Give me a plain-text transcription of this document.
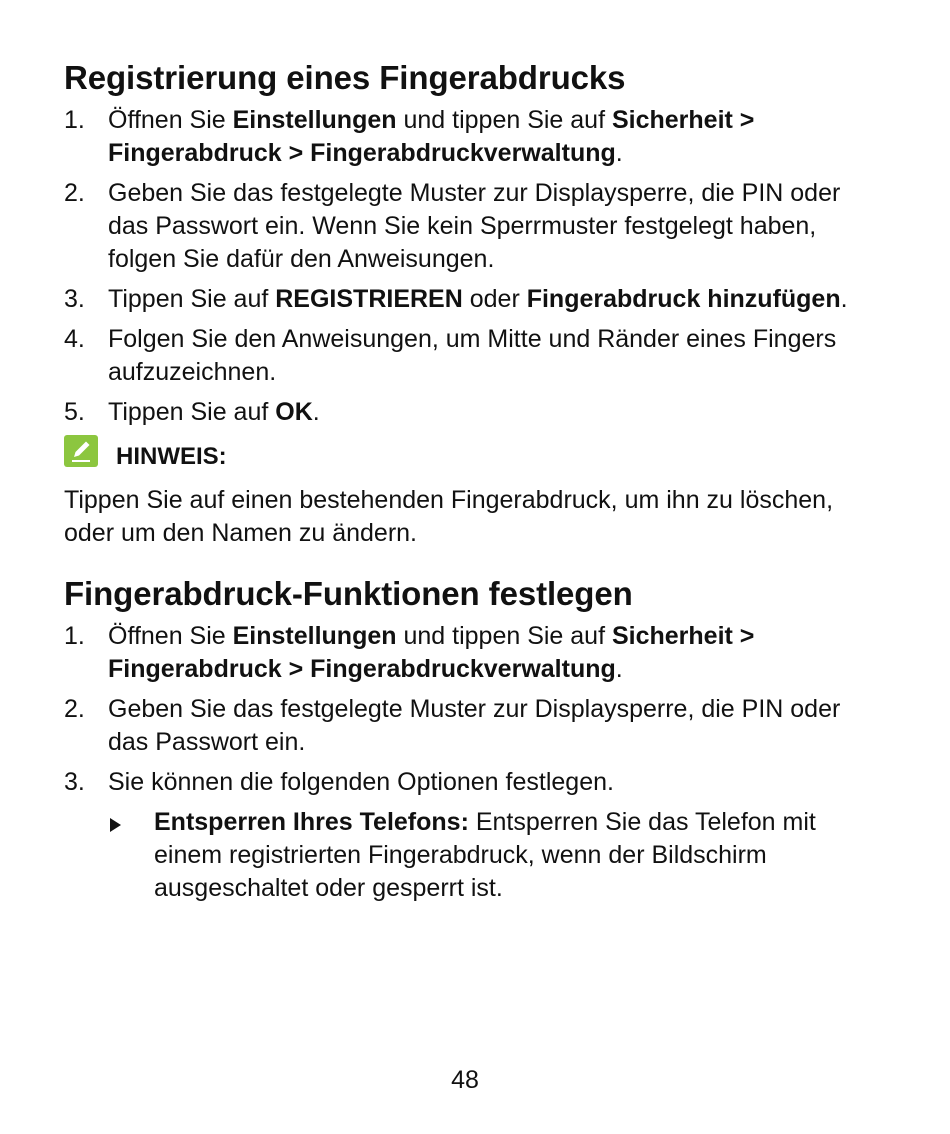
Registrierung eines Fingerabdrucks
1. Öffnen Sie Einstellungen und tippen Sie auf Sicherheit > Fingerabdruck > Fingerabdruckverwaltung.
2. Geben Sie das festgelegte Muster zur Displaysperre, die PIN oder das Passwort ein. Wenn Sie kein Sperrmuster festgelegt haben, folgen Sie dafür den Anweisungen.
3. Tippen Sie auf REGISTRIEREN oder Fingerabdruck hinzufügen.
4. Folgen Sie den Anweisungen, um Mitte und Ränder eines Fingers aufzuzeichnen.
5. Tippen Sie auf OK.
HINWEIS:
Tippen Sie auf einen bestehenden Fingerabdruck, um ihn zu löschen, oder um den Namen zu ändern.
Fingerabdruck-Funktionen festlegen
1. Öffnen Sie Einstellungen und tippen Sie auf Sicherheit > Fingerabdruck > Fingerabdruckverwaltung.
2. Geben Sie das festgelegte Muster zur Displaysperre, die PIN oder das Passwort ein.
3. Sie können die folgenden Optionen festlegen.
Entsperren Ihres Telefons: Entsperren Sie das Telefon mit einem registrierten Fingerabdruck, wenn der Bildschirm ausgeschaltet oder gesperrt ist.
48
